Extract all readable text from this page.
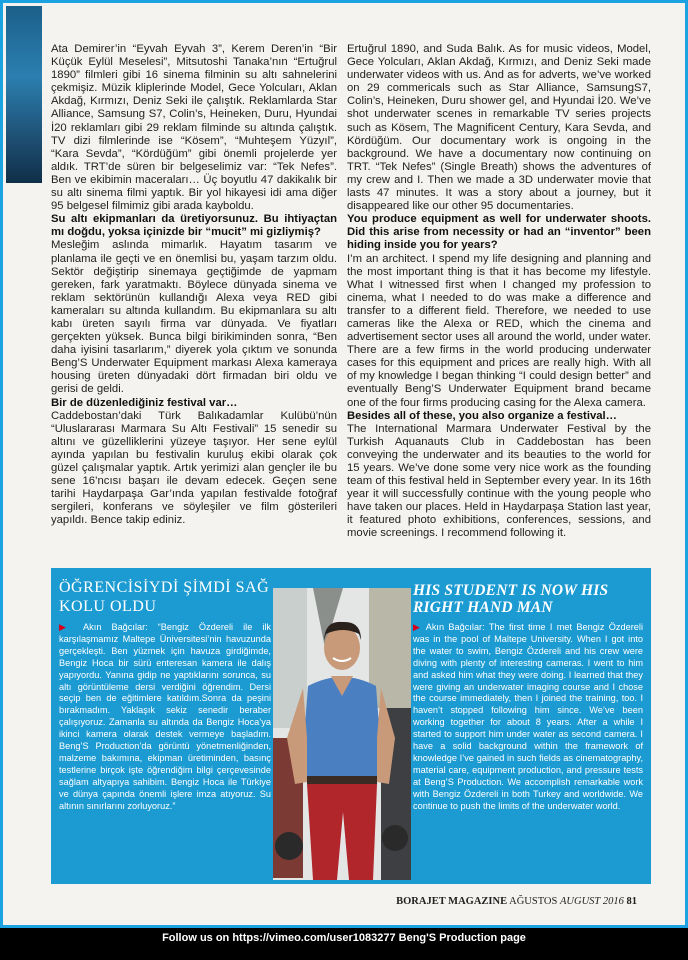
Ata Demirer’in “Eyvah Eyvah 3”, Kerem Deren’in “Bir Küçük Eylül Meselesi”, Mitsutoshi Tanaka’nın “Ertuğrul 1890” filmleri gibi 16 sinema filminin su altı sahnelerini çekmişiz. Müzik kliplerinde Model, Gece Yolcuları, Aklan Akdağ, Kırmızı, Deniz Seki ile çalıştık. Reklamlarda Star Alliance, Samsung S7, Colin’s, Heineken, Duru, Hyundai İ20 reklamları gibi 29 reklam filminde su altında çalıştık. TV dizi filmlerinde ise “Kösem”, “Muhteşem Yüzyıl”, “Kara Sevda”, “Kördüğüm” gibi önemli projelerde yer aldık. TRT’de süren bir belgeselimiz var: “Tek Nefes”. Ben ve ekibimin maceraları… Üç boyutlu 47 dakikalık bir su altı sinema filmi yaptık. Bir yol hikayesi idi ama diğer 95 belgesel filmimiz gibi arada kayboldu.

Su altı ekipmanları da üretiyorsunuz. Bu ihtiyaçtan mı doğdu, yoksa içinizde bir “mucit” mi gizliymiş?

Mesleğim aslında mimarlık. Hayatım tasarım ve planlama ile geçti ve en önemlisi bu, yaşam tarzım oldu. Sektör değiştirip sinemaya geçtiğimde de yapmam gereken, fark yaratmaktı. Böylece dünyada sinema ve reklam sektörünün kullandığı Alexa veya RED gibi kameraları su altında kullandım. Bu ekipmanlara su altı kabı üreten sayılı firma var dünyada. Ve fiyatları gerçekten yüksek. Bunca bilgi birikiminden sonra, “Ben daha iyisini tasarlarım,” diyerek yola çıktım ve sonunda Beng’S Underwater Equipment markası Alexa kameraya housing üreten dünyadaki dört firmadan biri oldu ve gerisi de geldi.

Bir de düzenlediğiniz festival var…

Caddebostan’daki Türk Balıkadamlar Kulübü’nün “Uluslararası Marmara Su Altı Festivali” 15 senedir su altını ve güzelliklerini yüzeye taşıyor. Her sene eylül ayında yapılan bu festivalin kuruluş ekibi olarak çok güzel çalışmalar yaptık. Artık yerimizi alan gençler ile bu sene 16’ncısı başarı ile devam edecek. Geçen sene tarihi Haydarpaşa Gar’ında yapılan festivalde fotoğraf sergileri, konferans ve söyleşiler ve film gösterileri yapıldı. Bence takip ediniz.

Ertuğrul 1890, and Suda Balık. As for music videos, Model, Gece Yolcuları, Aklan Akdağ, Kırmızı, and Deniz Seki made underwater videos with us. And as for adverts, we’ve worked on 29 commericals such as Star Alliance, SamsungS7, Colin’s, Heineken, Duru shower gel, and Hyundai İ20. We’ve shot underwater scenes in remarkable TV series projects such as Kösem, The Magnificent Century, Kara Sevda, and Kördüğüm. Our documentary work is ongoing in the background. We have a documentary now continuing on TRT. “Tek Nefes” (Single Breath) shows the adventures of my crew and I. Then we made a 3D underwater movie that lasts 47 minutes. It was a story about a journey, but it disappeared like our other 95 documentaries.

You produce equipment as well for underwater shoots. Did this arise from necessity or had an “inventor” been hiding inside you for years?

I’m an architect. I spend my life designing and planning and the most important thing is that it has become my lifestyle. What I witnessed first when I changed my profession to cinema, what I needed to do was make a difference and transfer to a different field. Therefore, we needed to use cameras like the Alexa or RED, which the cinema and advertisement sector uses all around the world, under water. There are a few firms in the world producing underwater cases for this equipment and prices are really high. With all of my knowledge I began thinking “I could design better” and eventually Beng’S Underwater Equipment brand became one of the four firms producing casing for the Alexa camera.

Besides all of these, you also organize a festival…

The International Marmara Underwater Festival by the Turkish Aquanauts Club in Caddebostan has been conveying the underwater and its beauties to the world for 15 years. We’ve done some very nice work as the founding team of this festival held in September every year. In its 16th year it will successfully continue with the young people who have taken our places. Held in Haydarpaşa Station last year, it featured photo exhibitions, conferences, sessions, and movie screenings. I recommend following it.

ÖĞRENCİSİYDİ ŞİMDİ SAĞ KOLU OLDU
▶ Akın Bağcılar: “Bengiz Özdereli ile ilk karşılaşmamız Maltepe Üniversitesi’nin havuzunda gerçekleşti. Ben yüzmek için havuza girdiğimde, Bengiz Hoca bir sürü enteresan kamera ile dalış yapıyordu. Yanına gidip ne yaptıklarını sorunca, su altı görüntüleme dersi verdiğini öğrendim. Dersi seçip ben de eğitimlere katıldım.Sonra da peşini bırakmadım. Yaklaşık sekiz senedir beraber çalışıyoruz. Zamanla su altında da Bengiz Hoca’ya ikinci kamera olarak destek vermeye başladım. Beng’S Production’da görüntü yönetmenliğinden, malzeme bakımına, ekipman üretiminden, basınç testlerine birçok işte öğrendiğim bilgi çerçevesinde sağlam altyapıya sahibim. Bengiz Hoca ile Türkiye ve dünya çapında önemli işlere imza atıyoruz. Su altının sınırlarını zorluyoruz.”
HIS STUDENT IS NOW HIS RIGHT HAND MAN
▶ Akın Bağcılar: The first time I met Bengiz Özdereli was in the pool of Maltepe University. When I got into the water to swim, Bengiz Özdereli and his crew were diving with plenty of interesting cameras. I went to him and asked him what they were doing. I learned that they were giving an underwater imaging course and I chose the course immediately, then I joined the training, too. I haven’t stopped following him since. We’ve been working together for about 8 years. After a while I started to support him under water as second camera. I have a solid background within the framework of knowledge I’ve gained in such fields as cinematography, material care, equipment production, and pressure tests at Beng’S Production. We accomplish remarkable work with Bengiz Özdereli in both Turkey and worldwide. We continue to push the limits of the underwater world.
BORAJET MAGAZINE AĞUSTOS AUGUST 2016 81
Follow us on https://vimeo.com/user1083277 Beng'S Production page
